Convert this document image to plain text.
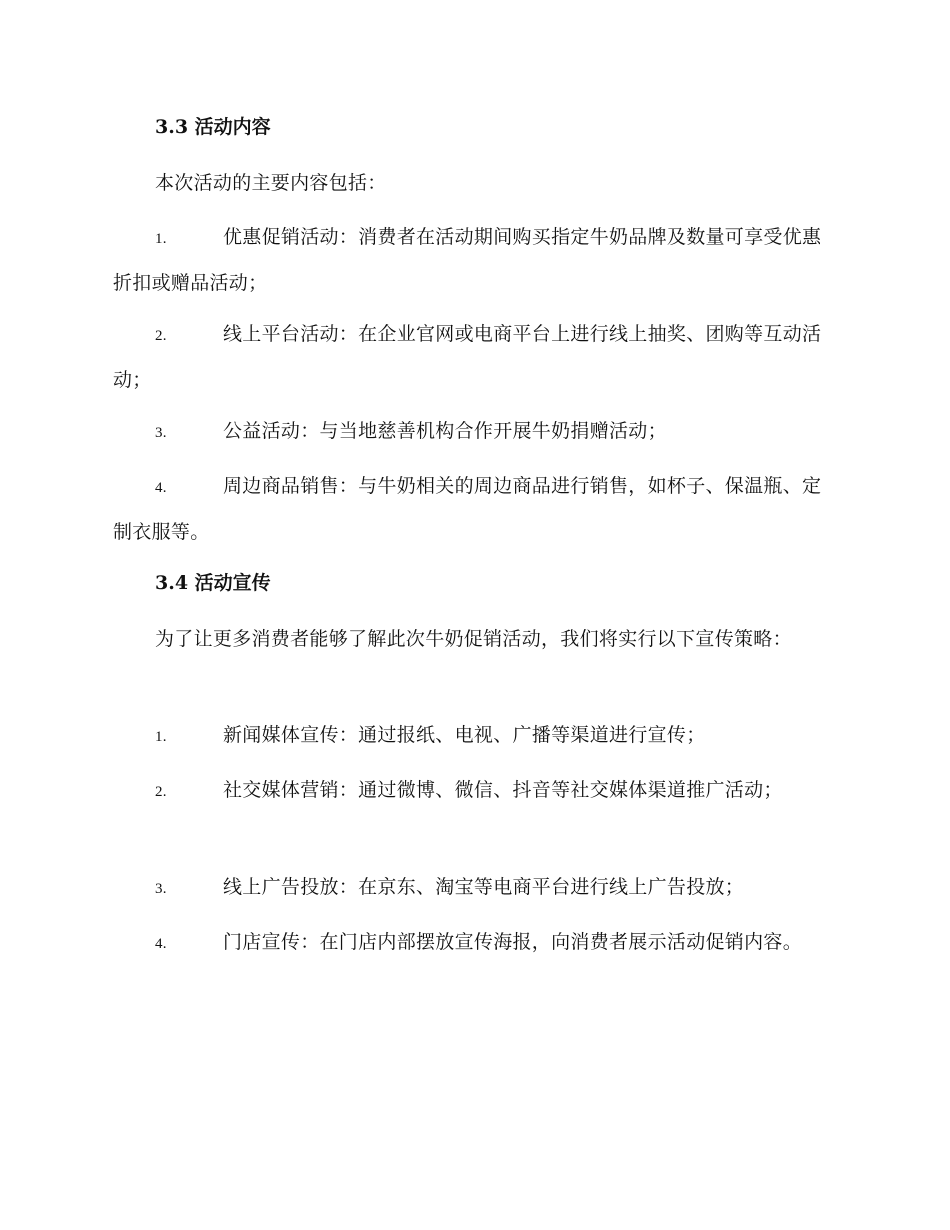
3.3 活动内容
本次活动的主要内容包括：
1.	优惠促销活动：消费者在活动期间购买指定牛奶品牌及数量可享受优惠折扣或赠品活动；
2.	线上平台活动：在企业官网或电商平台上进行线上抽奖、团购等互动活动；
3.	公益活动：与当地慈善机构合作开展牛奶捐赠活动；
4.	周边商品销售：与牛奶相关的周边商品进行销售，如杯子、保温瓶、定制衣服等。
3.4 活动宣传
为了让更多消费者能够了解此次牛奶促销活动，我们将实行以下宣传策略：
1.	新闻媒体宣传：通过报纸、电视、广播等渠道进行宣传；
2.	社交媒体营销：通过微博、微信、抖音等社交媒体渠道推广活动；
3.	线上广告投放：在京东、淘宝等电商平台进行线上广告投放；
4.	门店宣传：在门店内部摆放宣传海报，向消费者展示活动促销内容。
